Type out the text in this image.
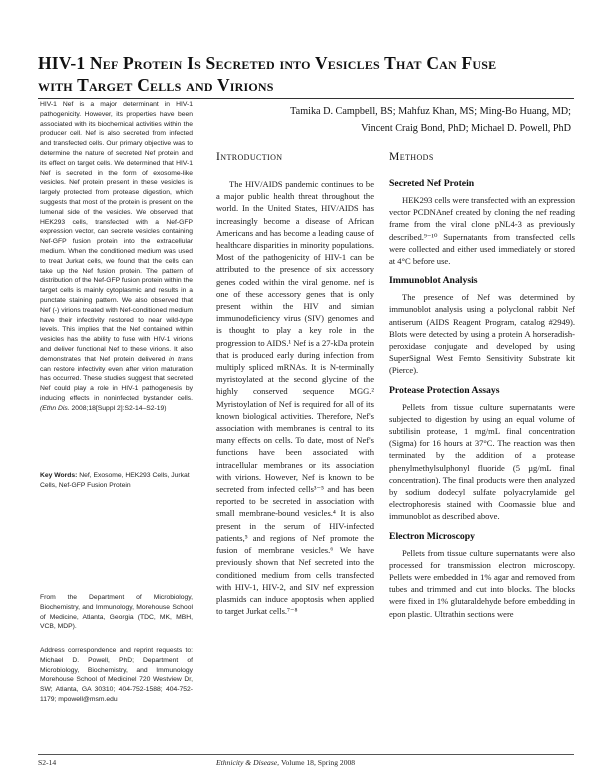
HIV-1 Nef Protein Is Secreted into Vesicles That Can Fuse
with Target Cells and Virions
HIV-1 Nef is a major determinant in HIV-1 pathogenicity. However, its properties have been associated with its biochemical activities within the producer cell. Nef is also secreted from infected and transfected cells. Our primary objective was to determine the nature of secreted Nef protein and its effect on target cells. We determined that HIV-1 Nef is secreted in the form of exosome-like vesicles. Nef protein present in these vesicles is largely protected from protease digestion, which suggests that most of the protein is present on the lumenal side of the vesicles. We observed that HEK293 cells, transfected with a Nef-GFP expression vector, can secrete vesicles containing Nef-GFP fusion protein into the extracellular medium. When the conditioned medium was used to treat Jurkat cells, we found that the cells can take up the Nef fusion protein. The pattern of distribution of the Nef-GFP fusion protein within the target cells is mainly cytoplasmic and results in a punctate staining pattern. We also observed that Nef (-) virions treated with Nef-conditioned medium have their infectivity restored to near wild-type levels. This implies that the Nef contained within vesicles has the ability to fuse with HIV-1 virions and deliver functional Nef to these virions. It also demonstrates that Nef protein delivered in trans can restore infectivity even after virion maturation has occurred. These studies suggest that secreted Nef could play a role in HIV-1 pathogenesis by inducing effects in noninfected bystander cells. (Ethn Dis. 2008;18[Suppl 2]:S2-14–S2-19)
Key Words: Nef, Exosome, HEK293 Cells, Jurkat Cells, Nef-GFP Fusion Protein
From the Department of Microbiology, Biochemistry, and Immunology, Morehouse School of Medicine, Atlanta, Georgia (TDC, MK, MBH, VCB, MDP).
Address correspondence and reprint requests to: Michael D. Powell, PhD; Department of Microbiology, Biochemistry, and Immunology Morehouse School of Medicinel 720 Westview Dr, SW; Atlanta, GA 30310; 404-752-1588; 404-752-1179; mpowell@msm.edu
Tamika D. Campbell, BS; Mahfuz Khan, MS; Ming-Bo Huang, MD;
Vincent Craig Bond, PhD; Michael D. Powell, PhD
Introduction

The HIV/AIDS pandemic continues to be a major public health threat throughout the world. In the United States, HIV/AIDS has increasingly become a disease of African Americans and has become a leading cause of healthcare disparities in minority populations. Most of the pathogenicity of HIV-1 can be attributed to the presence of six accessory genes coded within the viral genome. nef is one of these accessory genes that is only present within the HIV and simian immunodeficiency virus (SIV) genomes and is thought to play a key role in the progression to AIDS.¹ Nef is a 27-kDa protein that is produced early during infection from multiply spliced mRNAs. It is N-terminally myristoylated at the second glycine of the highly conserved sequence MGG.² Myristoylation of Nef is required for all of its known biological activities. Therefore, Nef's association with membranes is central to its many effects on cells. To date, most of Nef's functions have been associated with intracellular membranes or its association with virions. However, Nef is known to be secreted from infected cells³⁻⁵ and has been reported to be secreted in association with small membrane-bound vesicles.⁴ It is also present in the serum of HIV-infected patients,⁵ and regions of Nef promote the fusion of membrane vesicles.⁶ We have previously shown that Nef secreted into the conditioned medium from cells transfected with HIV-1, HIV-2, and SIV nef expression plasmids can induce apoptosis when applied to target Jurkat cells.⁷⁻⁸

Methods
Secreted Nef Protein

HEK293 cells were transfected with an expression vector PCDNAnef created by cloning the nef reading frame from the viral clone pNL4-3 as previously described.⁹⁻¹⁰ Supernatants from transfected cells were collected and either used immediately or stored at 4°C before use.

Immunoblot Analysis

The presence of Nef was determined by immunoblot analysis using a polyclonal rabbit Nef antiserum (AIDS Reagent Program, catalog #2949). Blots were detected by using a protein A horseradish-peroxidase conjugate and developed by using SuperSignal West Femto Sensitivity Substrate kit (Pierce).

Protease Protection Assays

Pellets from tissue culture supernatants were subjected to digestion by using an equal volume of subtilisin protease, 1 mg/mL final concentration (Sigma) for 16 hours at 37°C. The reaction was then terminated by the addition of a protease phenylmethylsulphonyl fluoride (5 µg/mL final concentration). The final products were then analyzed by sodium dodecyl sulfate polyacrylamide gel electrophoresis stained with Coomassie blue and immunoblot as described above.

Electron Microscopy

Pellets from tissue culture supernatants were also processed for transmission electron microscopy. Pellets were embedded in 1% agar and removed from tubes and trimmed and cut into blocks. The blocks were fixed in 1% glutaraldehyde before embedding in epon plastic. Ultrathin sections were

S2-14	Ethnicity & Disease, Volume 18, Spring 2008
